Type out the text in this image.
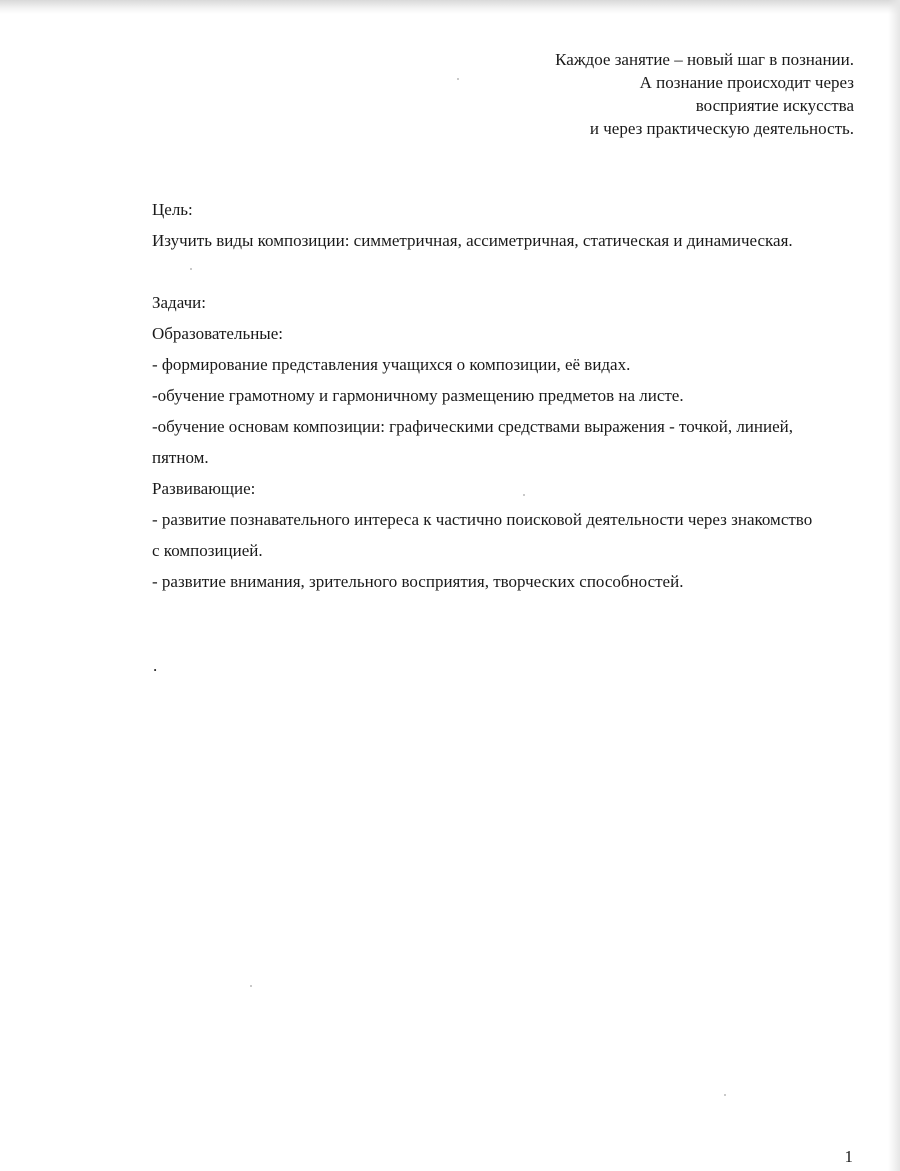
Каждое занятие – новый шаг в познании.
А познание происходит через
восприятие искусства
и через практическую деятельность.
Цель:
Изучить виды композиции: симметричная, ассиметричная, статическая и динамическая.
Задачи:
Образовательные:
- формирование представления учащихся о композиции, её видах.
-обучение грамотному и гармоничному размещению предметов на листе.
-обучение основам композиции: графическими средствами выражения - точкой, линией,
пятном.
Развивающие:
- развитие познавательного интереса к частично поисковой деятельности через знакомство
с композицией.
- развитие внимания, зрительного восприятия, творческих способностей.
.
1
